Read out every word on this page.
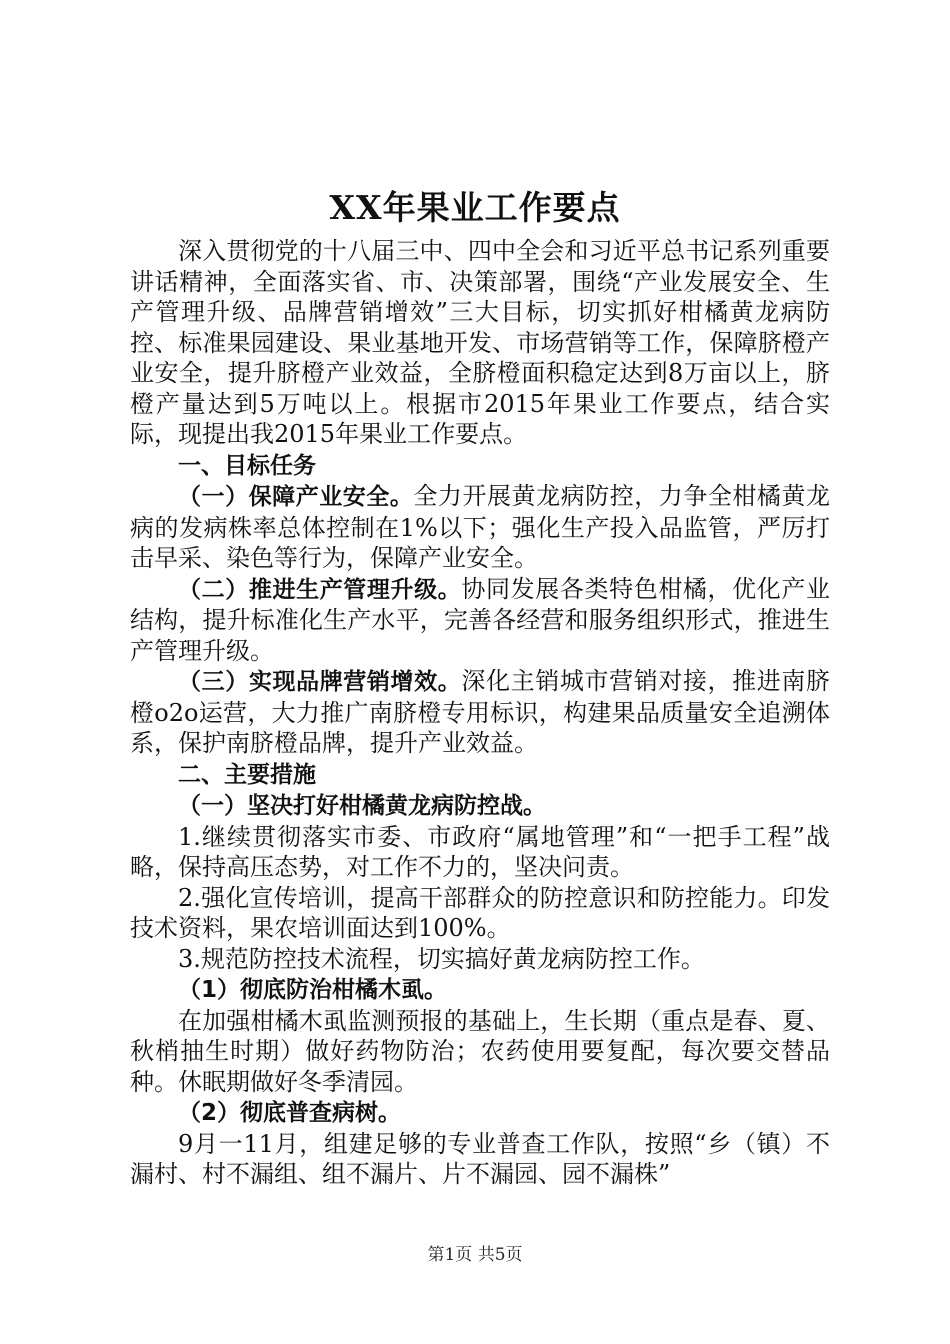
XX年果业工作要点

深入贯彻党的十八届三中、四中全会和习近平总书记系列重要讲话精神，全面落实省、市、决策部署，围绕“产业发展安全、生产管理升级、品牌营销增效”三大目标，切实抓好柑橘黄龙病防控、标准果园建设、果业基地开发、市场营销等工作，保障脐橙产业安全，提升脐橙产业效益，全脐橙面积稳定达到8万亩以上，脐橙产量达到5万吨以上。根据市2015年果业工作要点，结合实际，现提出我2015年果业工作要点。

一、目标任务

（一）保障产业安全。全力开展黄龙病防控，力争全柑橘黄龙病的发病株率总体控制在1%以下；强化生产投入品监管，严厉打击早采、染色等行为，保障产业安全。

（二）推进生产管理升级。协同发展各类特色柑橘，优化产业结构，提升标准化生产水平，完善各经营和服务组织形式，推进生产管理升级。

（三）实现品牌营销增效。深化主销城市营销对接，推进南脐橙o2o运营，大力推广南脐橙专用标识，构建果品质量安全追溯体系，保护南脐橙品牌，提升产业效益。

二、主要措施

（一）坚决打好柑橘黄龙病防控战。

1.继续贯彻落实市委、市政府“属地管理”和“一把手工程”战略，保持高压态势，对工作不力的，坚决问责。

2.强化宣传培训，提高干部群众的防控意识和防控能力。印发技术资料，果农培训面达到100%。

3.规范防控技术流程，切实搞好黄龙病防控工作。

（1）彻底防治柑橘木虱。

在加强柑橘木虱监测预报的基础上，生长期（重点是春、夏、秋梢抽生时期）做好药物防治；农药使用要复配，每次要交替品种。休眠期做好冬季清园。

（2）彻底普查病树。

9月一11月，组建足够的专业普查工作队，按照“乡（镇）不漏村、村不漏组、组不漏片、片不漏园、园不漏株”

第1页 共5页
